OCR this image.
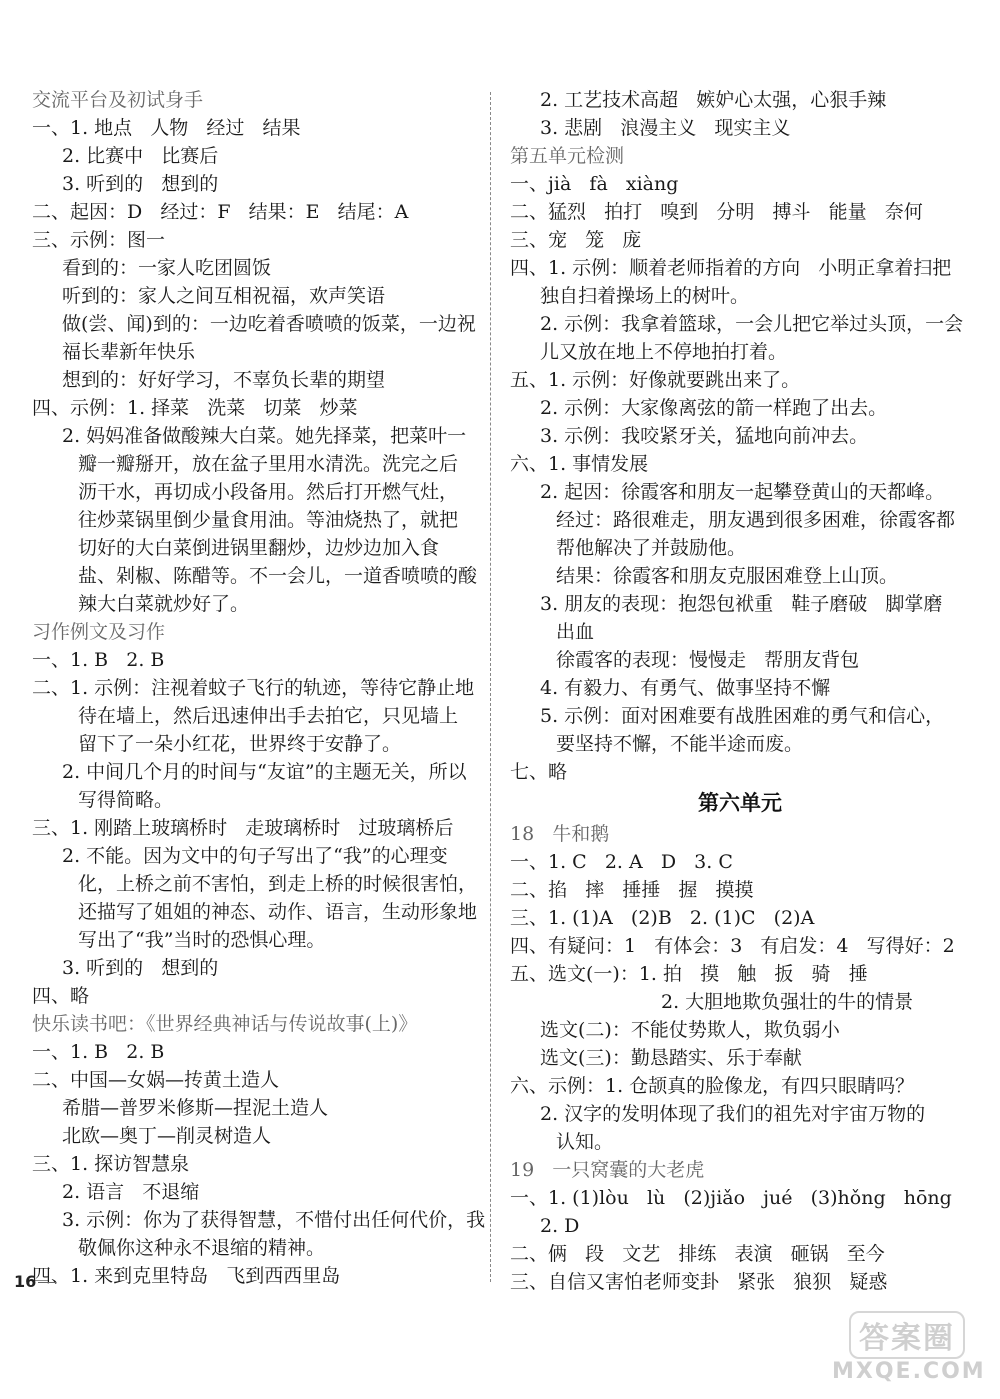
交流平台及初试身手
一、1. 地点   人物   经过   结果
2. 比赛中   比赛后
3. 听到的   想到的
二、起因：D   经过：F   结果：E   结尾：A
三、示例：图一
看到的：一家人吃团圆饭
听到的：家人之间互相祝福，欢声笑语
做(尝、闻)到的：一边吃着香喷喷的饭菜，一边祝
福长辈新年快乐
想到的：好好学习，不辜负长辈的期望
四、示例：1. 择菜   洗菜   切菜   炒菜
2. 妈妈准备做酸辣大白菜。她先择菜，把菜叶一
瓣一瓣掰开，放在盆子里用水清洗。洗完之后
沥干水，再切成小段备用。然后打开燃气灶，
往炒菜锅里倒少量食用油。等油烧热了，就把
切好的大白菜倒进锅里翻炒，边炒边加入食
盐、剁椒、陈醋等。不一会儿，一道香喷喷的酸
辣大白菜就炒好了。
习作例文及习作
一、1. B   2. B
二、1. 示例：注视着蚊子飞行的轨迹，等待它静止地
待在墙上，然后迅速伸出手去拍它，只见墙上
留下了一朵小红花，世界终于安静了。
2. 中间几个月的时间与“友谊”的主题无关，所以
写得简略。
三、1. 刚踏上玻璃桥时   走玻璃桥时   过玻璃桥后
2. 不能。因为文中的句子写出了“我”的心理变
化，上桥之前不害怕，到走上桥的时候很害怕，
还描写了姐姐的神态、动作、语言，生动形象地
写出了“我”当时的恐惧心理。
3. 听到的   想到的
四、略
快乐读书吧：《世界经典神话与传说故事(上)》
一、1. B   2. B
二、中国—女娲—抟黄土造人
希腊—普罗米修斯—捏泥土造人
北欧—奥丁—削灵树造人
三、1. 探访智慧泉
2. 语言   不退缩
3. 示例：你为了获得智慧，不惜付出任何代价，我
敬佩你这种永不退缩的精神。
四、1. 来到克里特岛   飞到西西里岛
2. 工艺技术高超   嫉妒心太强，心狠手辣
3. 悲剧   浪漫主义   现实主义
第五单元检测
一、jià   fà   xiàng
二、猛烈   拍打   嗅到   分明   搏斗   能量   奈何
三、宠   笼   庞
四、1. 示例：顺着老师指着的方向   小明正拿着扫把
独自扫着操场上的树叶。
2. 示例：我拿着篮球，一会儿把它举过头顶，一会
儿又放在地上不停地拍打着。
五、1. 示例：好像就要跳出来了。
2. 示例：大家像离弦的箭一样跑了出去。
3. 示例：我咬紧牙关，猛地向前冲去。
六、1. 事情发展
2. 起因：徐霞客和朋友一起攀登黄山的天都峰。
经过：路很难走，朋友遇到很多困难，徐霞客都
帮他解决了并鼓励他。
结果：徐霞客和朋友克服困难登上山顶。
3. 朋友的表现：抱怨包袱重   鞋子磨破   脚掌磨
出血
徐霞客的表现：慢慢走   帮朋友背包
4. 有毅力、有勇气、做事坚持不懈
5. 示例：面对困难要有战胜困难的勇气和信心，
要坚持不懈，不能半途而废。
七、略
第六单元
18   牛和鹅
一、1. C   2. A   D   3. C
二、掐   摔   捶捶   握   摸摸
三、1. (1)A   (2)B   2. (1)C   (2)A
四、有疑问：1   有体会：3   有启发：4   写得好：2
五、选文(一)：1. 拍   摸   触   扳   骑   捶
2. 大胆地欺负强壮的牛的情景
选文(二)：不能仗势欺人，欺负弱小
选文(三)：勤恳踏实、乐于奉献
六、示例：1. 仓颉真的脸像龙，有四只眼睛吗？
2. 汉字的发明体现了我们的祖先对宇宙万物的
认知。
19   一只窝囊的大老虎
一、1. (1)lòu   lù   (2)jiǎo   jué   (3)hǒng   hōng
2. D
二、俩   段   文艺   排练   表演   砸锅   至今
三、自信又害怕老师变卦   紧张   狼狈   疑惑
16
答案圈
MXQE.COM
